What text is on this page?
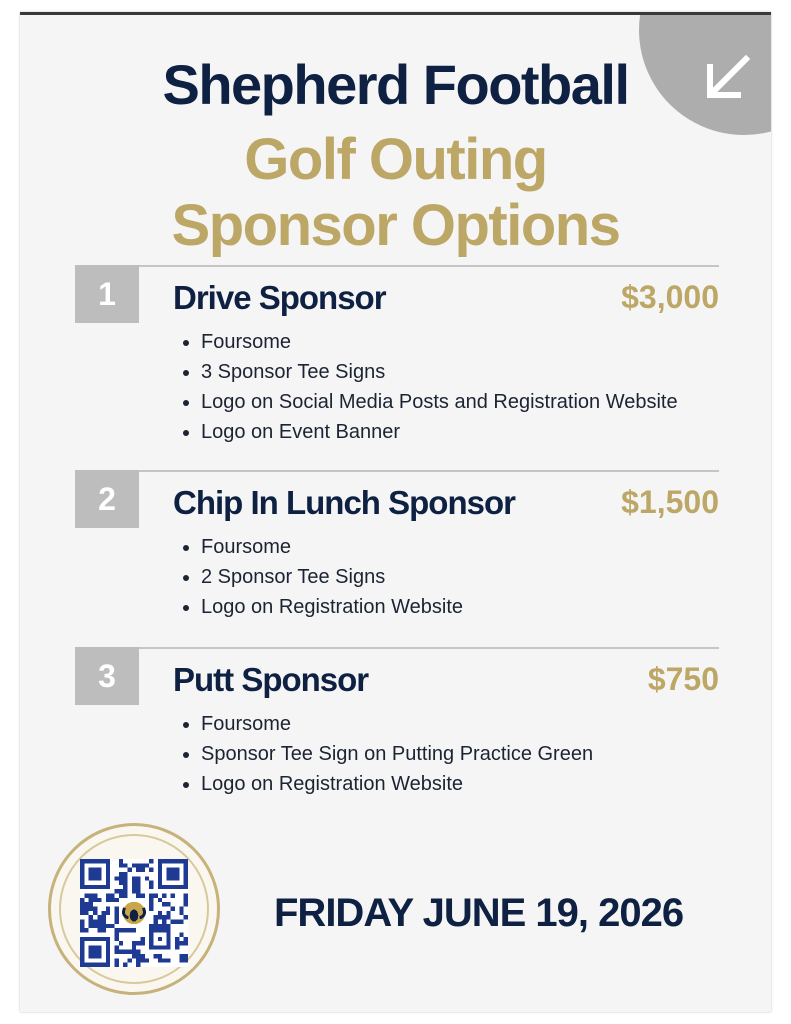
Shepherd Football
Golf Outing
Sponsor Options
1	Drive Sponsor	$3,000
• Foursome
• 3 Sponsor Tee Signs
• Logo on Social Media Posts and Registration Website
• Logo on Event Banner
2	Chip In Lunch Sponsor	$1,500
• Foursome
• 2 Sponsor Tee Signs
• Logo on Registration Website
3	Putt Sponsor	$750
• Foursome
• Sponsor Tee Sign on Putting Practice Green
• Logo on Registration Website
FRIDAY JUNE 19, 2026
